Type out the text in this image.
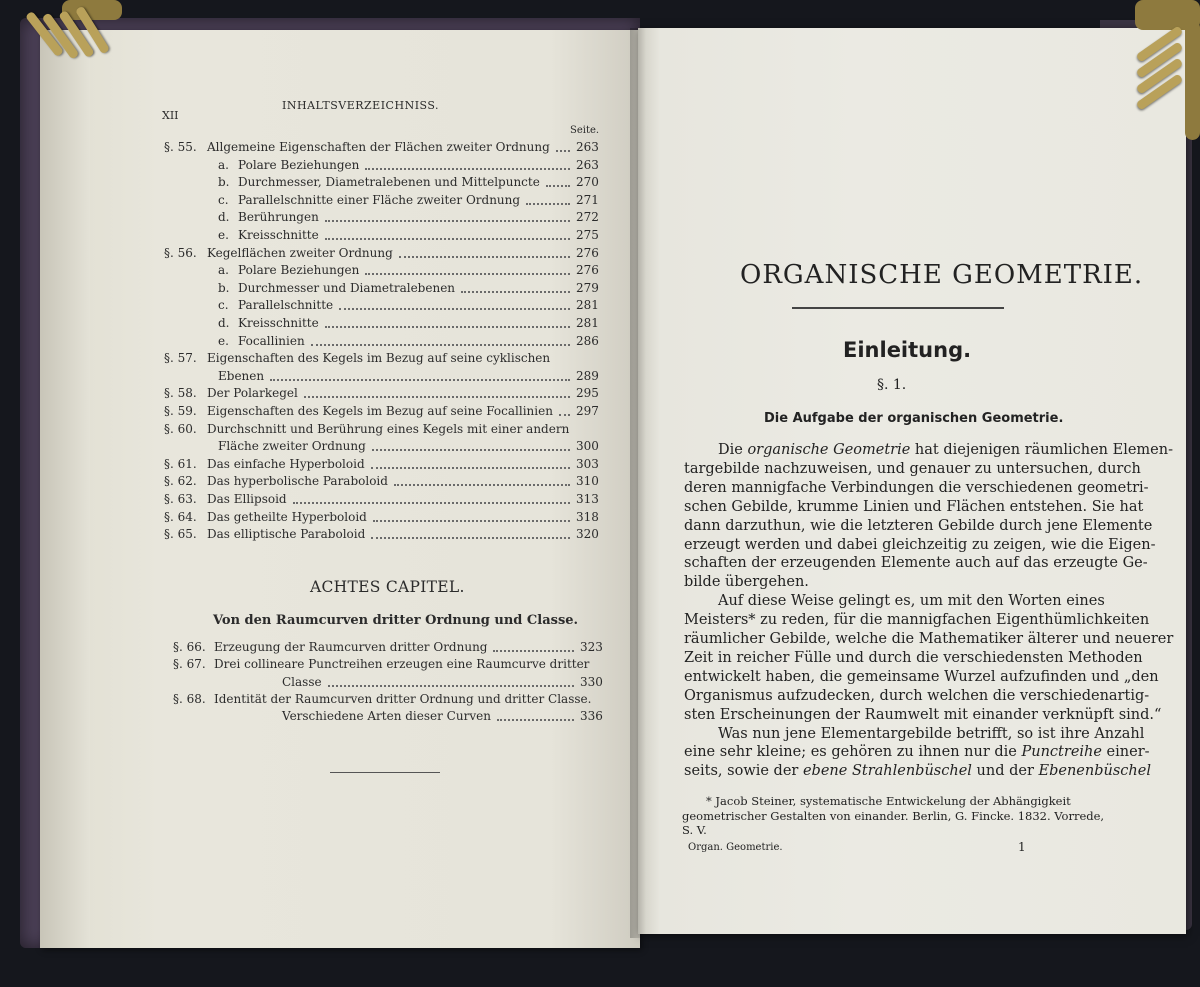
XII
INHALTSVERZEICHNISS.
Seite.
§. 55. Allgemeine Eigenschaften der Flächen zweiter Ordnung 263
a. Polare Beziehungen	263
b. Durchmesser, Diametralebenen und Mittelpuncte	270
c. Parallelschnitte einer Fläche zweiter Ordnung	271
d. Berührungen	272
e. Kreisschnitte	275
§. 56. Kegelflächen zweiter Ordnung	276
a. Polare Beziehungen	276
b. Durchmesser und Diametralebenen	279
c. Parallelschnitte	281
d. Kreisschnitte	281
e. Focallinien	286
§. 57. Eigenschaften des Kegels im Bezug auf seine cyklischen
Ebenen	289
§. 58. Der Polarkegel	295
§. 59. Eigenschaften des Kegels im Bezug auf seine Focallinien 297
§. 60. Durchschnitt und Berührung eines Kegels mit einer andern
Fläche zweiter Ordnung	300
§. 61. Das einfache Hyperboloid	303
§. 62. Das hyperbolische Paraboloid	310
§. 63. Das Ellipsoid	313
§. 64. Das getheilte Hyperboloid	318
§. 65. Das elliptische Paraboloid	320
ACHTES CAPITEL.
Von den Raumcurven dritter Ordnung und Classe.
§. 66. Erzeugung der Raumcurven dritter Ordnung	323
§. 67. Drei collineare Punctreihen erzeugen eine Raumcurve dritter
Classe	330
§. 68. Identität der Raumcurven dritter Ordnung und dritter Classe.
Verschiedene Arten dieser Curven	336
ORGANISCHE GEOMETRIE.
Einleitung.
§. 1.
Die Aufgabe der organischen Geometrie.
Die organische Geometrie hat diejenigen räumlichen Elemen-
targebilde nachzuweisen, und genauer zu untersuchen, durch
deren mannigfache Verbindungen die verschiedenen geometri-
schen Gebilde, krumme Linien und Flächen entstehen. Sie hat
dann darzuthun, wie die letzteren Gebilde durch jene Elemente
erzeugt werden und dabei gleichzeitig zu zeigen, wie die Eigen-
schaften der erzeugenden Elemente auch auf das erzeugte Ge-
bilde übergehen.
Auf diese Weise gelingt es, um mit den Worten eines
Meisters* zu reden, für die mannigfachen Eigenthümlichkeiten
räumlicher Gebilde, welche die Mathematiker älterer und neuerer
Zeit in reicher Fülle und durch die verschiedensten Methoden
entwickelt haben, die gemeinsame Wurzel aufzufinden und „den
Organismus aufzudecken, durch welchen die verschiedenartig-
sten Erscheinungen der Raumwelt mit einander verknüpft sind.“
Was nun jene Elementargebilde betrifft, so ist ihre Anzahl
eine sehr kleine; es gehören zu ihnen nur die Punctreihe einer-
seits, sowie der ebene Strahlenbüschel und der Ebenenbüschel
* Jacob Steiner, systematische Entwickelung der Abhängigkeit
geometrischer Gestalten von einander. Berlin, G. Fincke. 1832. Vorrede,
S. V.
Organ. Geometrie.	1
